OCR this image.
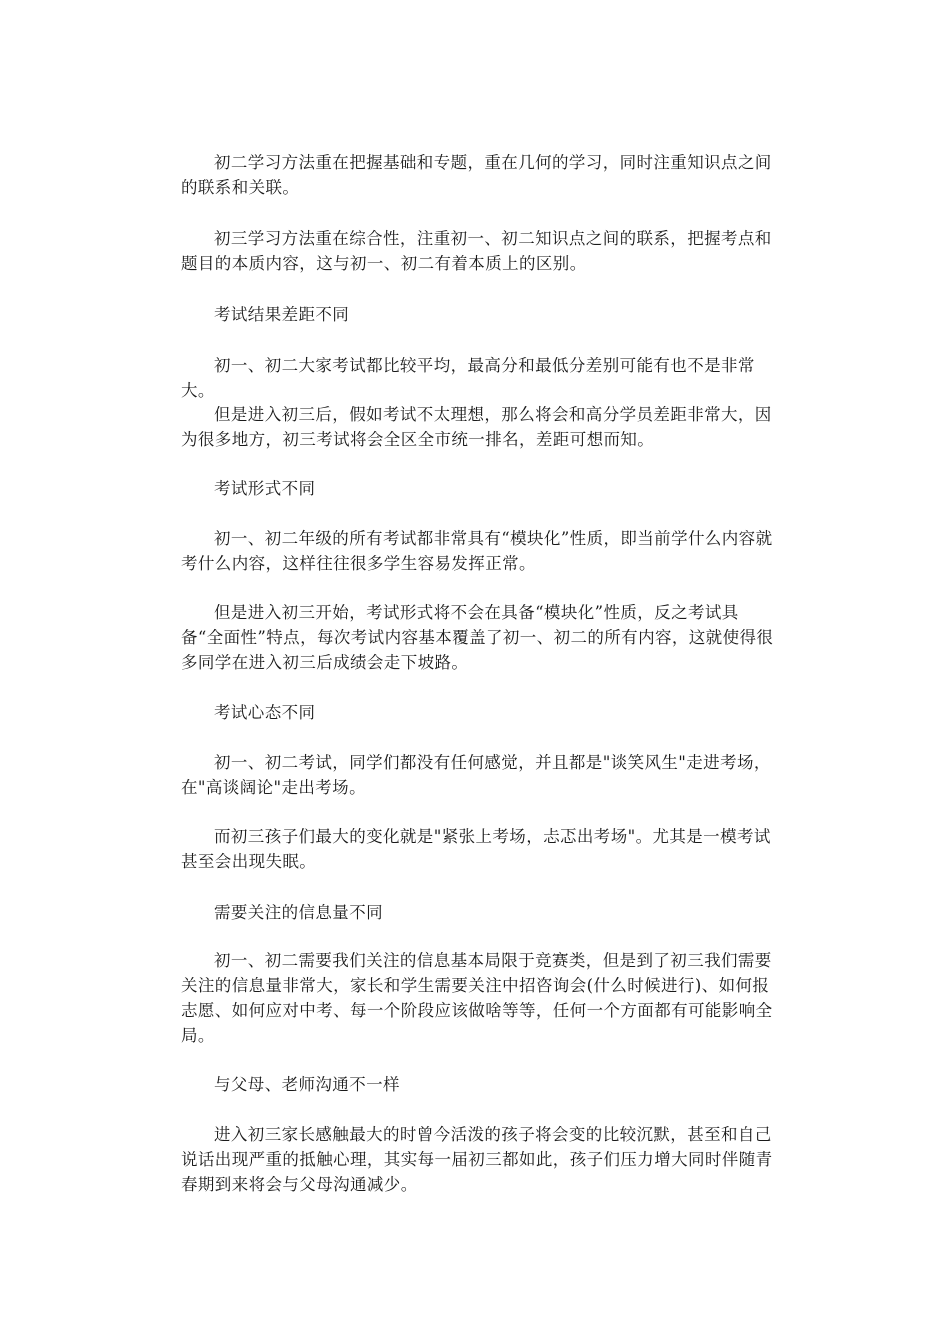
初二学习方法重在把握基础和专题，重在几何的学习，同时注重知识点之间的联系和关联。

初三学习方法重在综合性，注重初一、初二知识点之间的联系，把握考点和题目的本质内容，这与初一、初二有着本质上的区别。

考试结果差距不同

初一、初二大家考试都比较平均，最高分和最低分差别可能有也不是非常大。

但是进入初三后，假如考试不太理想，那么将会和高分学员差距非常大，因为很多地方，初三考试将会全区全市统一排名，差距可想而知。

考试形式不同

初一、初二年级的所有考试都非常具有“模块化”性质，即当前学什么内容就考什么内容，这样往往很多学生容易发挥正常。

但是进入初三开始，考试形式将不会在具备“模块化”性质，反之考试具备“全面性”特点，每次考试内容基本覆盖了初一、初二的所有内容，这就使得很多同学在进入初三后成绩会走下坡路。

考试心态不同

初一、初二考试，同学们都没有任何感觉，并且都是"谈笑风生"走进考场，在"高谈阔论"走出考场。

而初三孩子们最大的变化就是"紧张上考场，忐忑出考场"。尤其是一模考试甚至会出现失眠。

需要关注的信息量不同

初一、初二需要我们关注的信息基本局限于竞赛类，但是到了初三我们需要关注的信息量非常大，家长和学生需要关注中招咨询会(什么时候进行)、如何报志愿、如何应对中考、每一个阶段应该做啥等等，任何一个方面都有可能影响全局。

与父母、老师沟通不一样

进入初三家长感触最大的时曾今活泼的孩子将会变的比较沉默，甚至和自己说话出现严重的抵触心理，其实每一届初三都如此，孩子们压力增大同时伴随青春期到来将会与父母沟通减少。
